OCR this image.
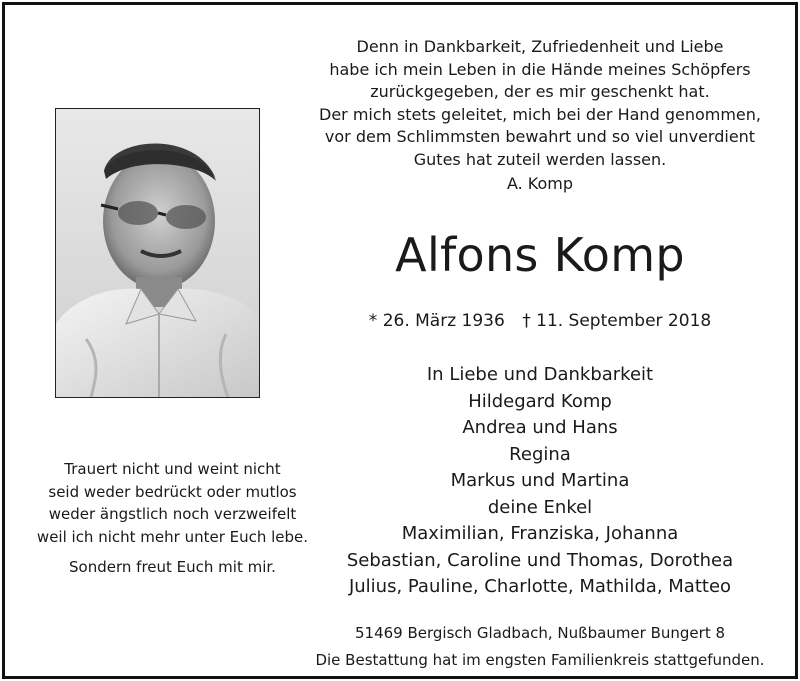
Denn in Dankbarkeit, Zufriedenheit und Liebe
habe ich mein Leben in die Hände meines Schöpfers
zurückgegeben, der es mir geschenkt hat.
Der mich stets geleitet, mich bei der Hand genommen,
vor dem Schlimmsten bewahrt und so viel unverdient
Gutes hat zuteil werden lassen.
A. Komp
Alfons Komp
* 26. März 1936 † 11. September 2018
In Liebe und Dankbarkeit
Hildegard Komp
Andrea und Hans
Regina
Markus und Martina
deine Enkel
Maximilian, Franziska, Johanna
Sebastian, Caroline und Thomas, Dorothea
Julius, Pauline, Charlotte, Mathilda, Matteo
Trauert nicht und weint nicht
seid weder bedrückt oder mutlos
weder ängstlich noch verzweifelt
weil ich nicht mehr unter Euch lebe.
Sondern freut Euch mit mir.
51469 Bergisch Gladbach, Nußbaumer Bungert 8
Die Bestattung hat im engsten Familienkreis stattgefunden.
